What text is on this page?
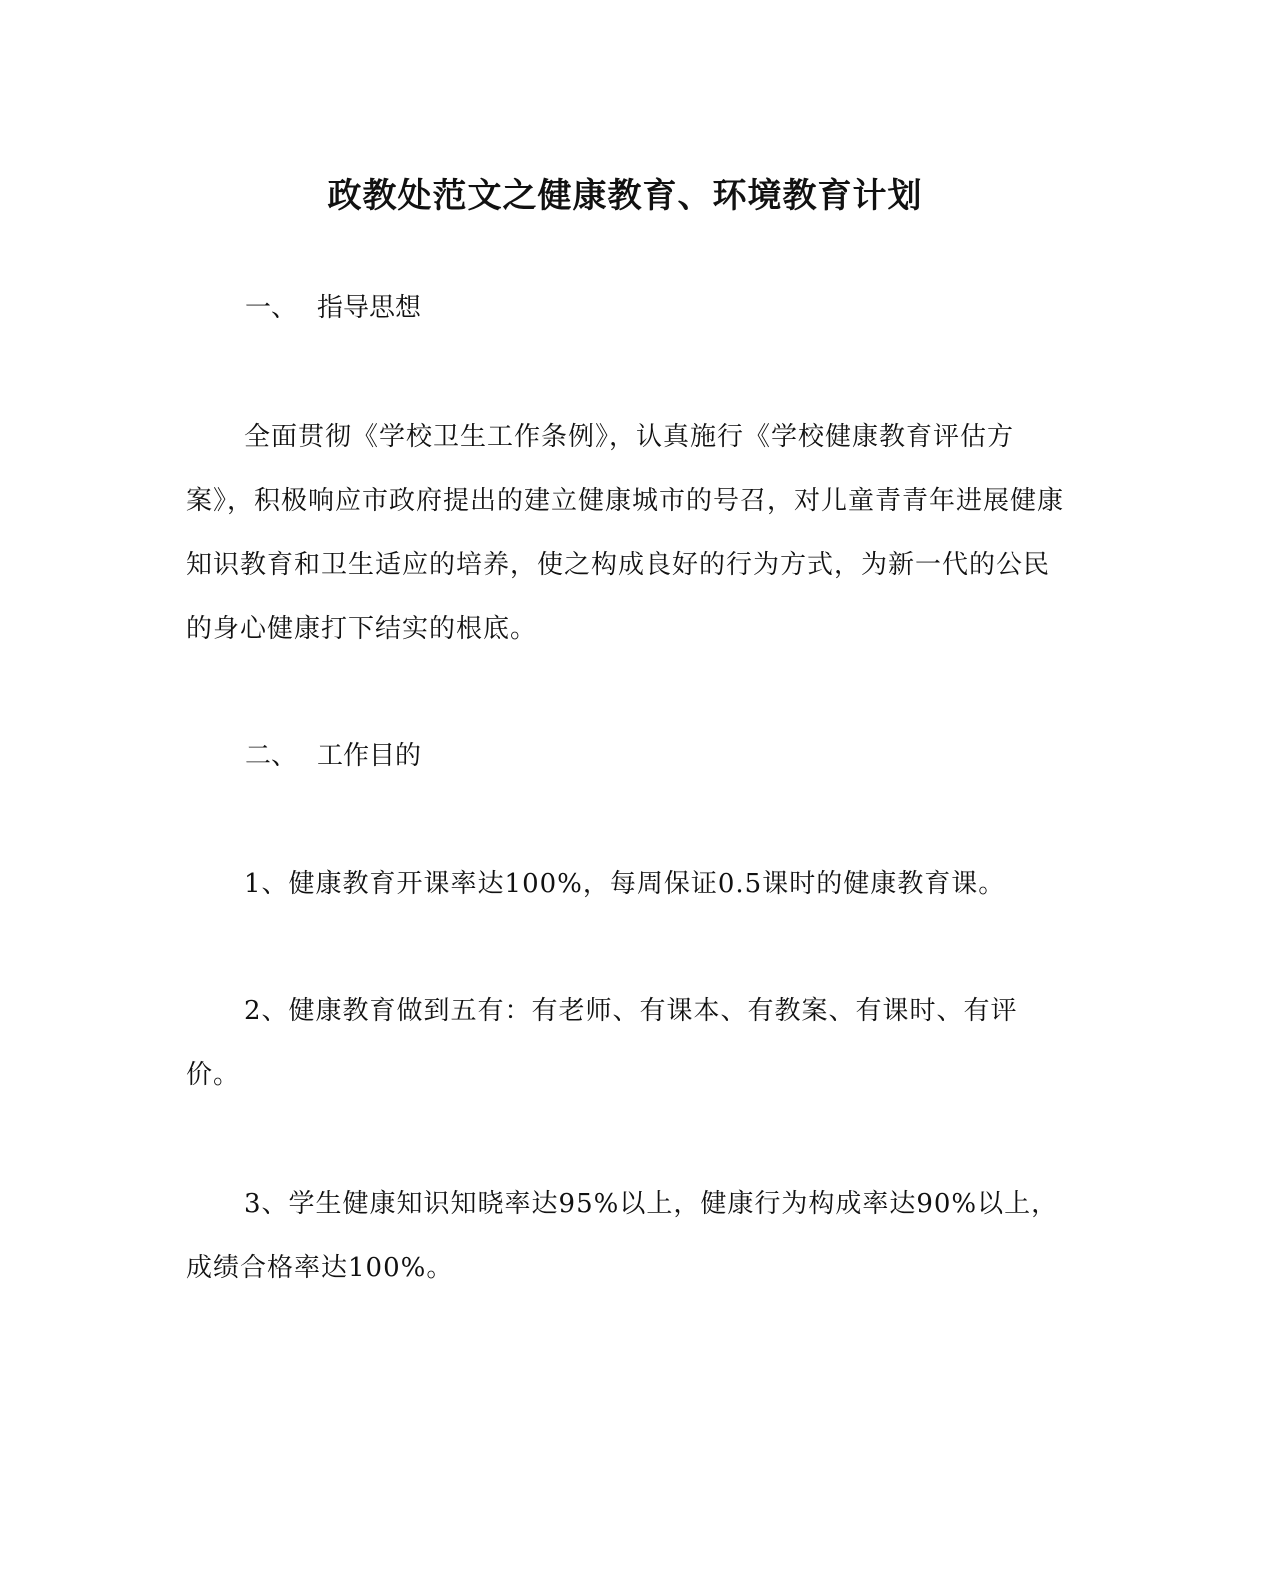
政教处范文之健康教育、环境教育计划
一、 指导思想
全面贯彻《学校卫生工作条例》，认真施行《学校健康教育评估方案》，积极响应市政府提出的建立健康城市的号召，对儿童青青年进展健康知识教育和卫生适应的培养，使之构成良好的行为方式，为新一代的公民的身心健康打下结实的根底。
二、 工作目的
1、健康教育开课率达100%，每周保证0.5课时的健康教育课。
2、健康教育做到五有：有老师、有课本、有教案、有课时、有评价。
3、学生健康知识知晓率达95%以上，健康行为构成率达90%以上，成绩合格率达100%。
